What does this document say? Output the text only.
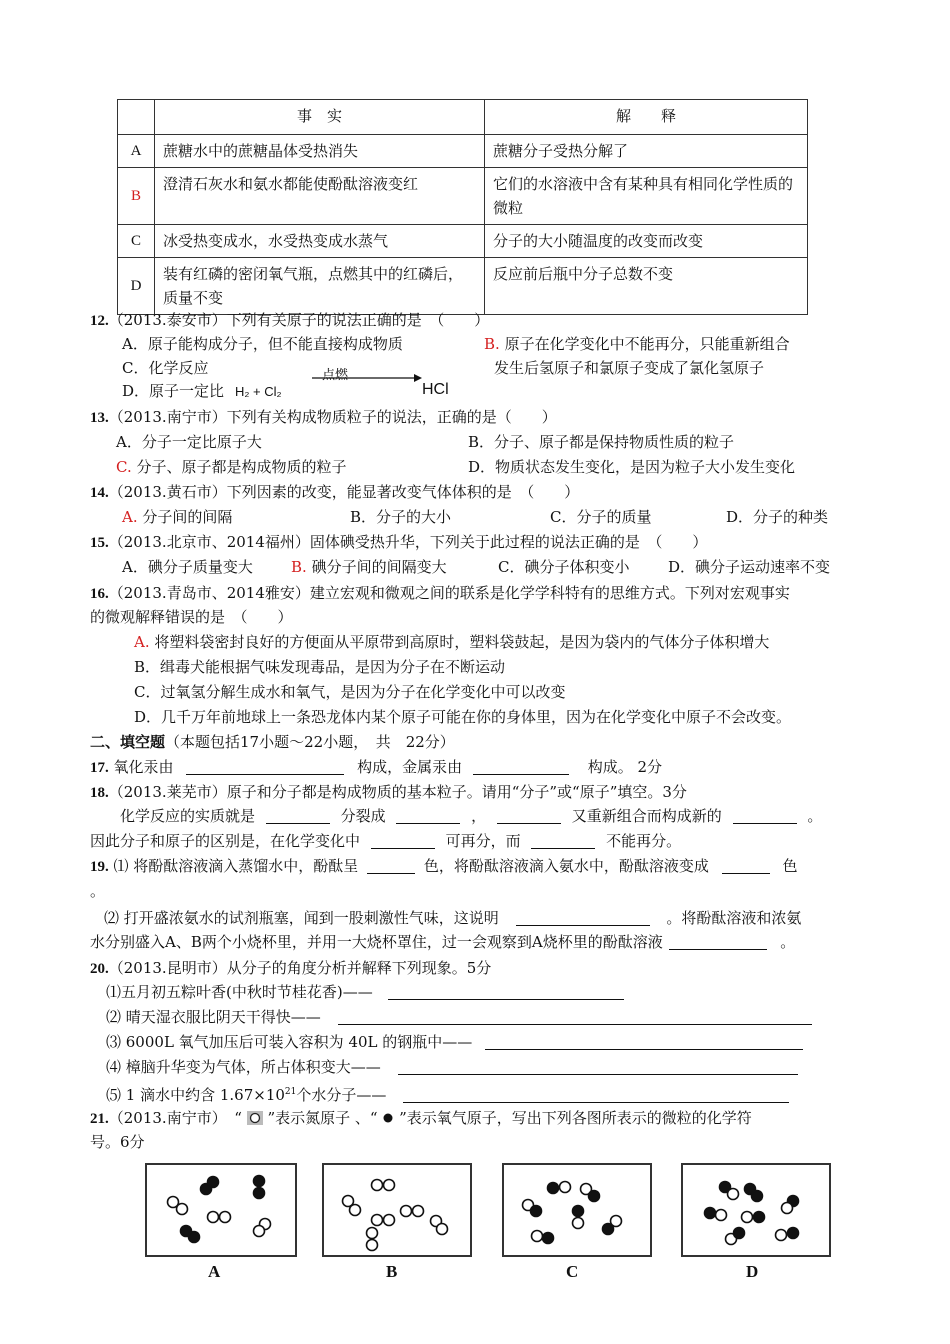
	事　实	解　　释
A	蔗糖水中的蔗糖晶体受热消失	蔗糖分子受热分解了
B	澄清石灰水和氨水都能使酚酞溶液变红	它们的水溶液中含有某种具有相同化学性质的微粒
C	冰受热变成水，水受热变成水蒸气	分子的大小随温度的改变而改变
D	装有红磷的密闭氧气瓶，点燃其中的红磷后，质量不变	反应前后瓶中分子总数不变
12.（2013.泰安市）下列有关原子的说法正确的是　（　　）
A．原子能构成分子，但不能直接构成物质	B. 原子在化学变化中不能再分，只能重新组合
C．化学反应	发生后氢原子和氯原子变成了氯化氢原子
D．原子一定比 H₂ + Cl₂
点燃
HCl
13.（2013.南宁市）下列有关构成物质粒子的说法，正确的是（　　）
A．分子一定比原子大	B．分子、原子都是保持物质性质的粒子
C. 分子、原子都是构成物质的粒子	D．物质状态发生变化，是因为粒子大小发生变化
14.（2013.黄石市）下列因素的改变，能显著改变气体体积的是　（　　）
A. 分子间的间隔	B．分子的大小	C．分子的质量	D．分子的种类
15.（2013.北京市、2014福州）固体碘受热升华，下列关于此过程的说法正确的是　（　　）
A．碘分子质量变大	B. 碘分子间的间隔变大	C．碘分子体积变小	D．碘分子运动速率不变
16.（2013.青岛市、2014雅安）建立宏观和微观之间的联系是化学学科特有的思维方式。下列对宏观事实
的微观解释错误的是　（　　）
A. 将塑料袋密封良好的方便面从平原带到高原时，塑料袋鼓起，是因为袋内的气体分子体积增大
B．缉毒犬能根据气味发现毒品，是因为分子在不断运动
C．过氧氢分解生成水和氧气，是因为分子在化学变化中可以改变
D．几千万年前地球上一条恐龙体内某个原子可能在你的身体里，因为在化学变化中原子不会改变。
二、填空题（本题包括17小题～22小题，　共　22分）
17. 氧化汞由	构成，金属汞由	构成。 2分
18.（2013.莱芜市）原子和分子都是构成物质的基本粒子。请用“分子”或“原子”填空。3分
化学反应的实质就是	分裂成	，	又重新组合而构成新的	。
因此分子和原子的区别是，在化学变化中	可再分，而	不能再分。
19. ⑴ 将酚酞溶液滴入蒸馏水中，酚酞呈	色，将酚酞溶液滴入氨水中，酚酞溶液变成	色
。
⑵ 打开盛浓氨水的试剂瓶塞，闻到一股刺激性气味，这说明	。将酚酞溶液和浓氨
水分别盛入A、B两个小烧杯里，并用一大烧杯罩住，过一会观察到A烧杯里的酚酞溶液	。
20.（2013.昆明市）从分子的角度分析并解释下列现象。5分
⑴五月初五粽叶香(中秋时节桂花香)——
⑵ 晴天湿衣服比阴天干得快——
⑶ 6000L 氧气加压后可装入容积为 40L 的钢瓶中——
⑷ 樟脑升华变为气体，所占体积变大——
⑸ 1 滴水中约含 $1.67\times 10^{21}$个水分子——
21.（2013.南宁市）　“ ”表示氮原子 、“ ”表示氧气原子，写出下列各图所表示的微粒的化学符
号。6分
A	B	C	D
